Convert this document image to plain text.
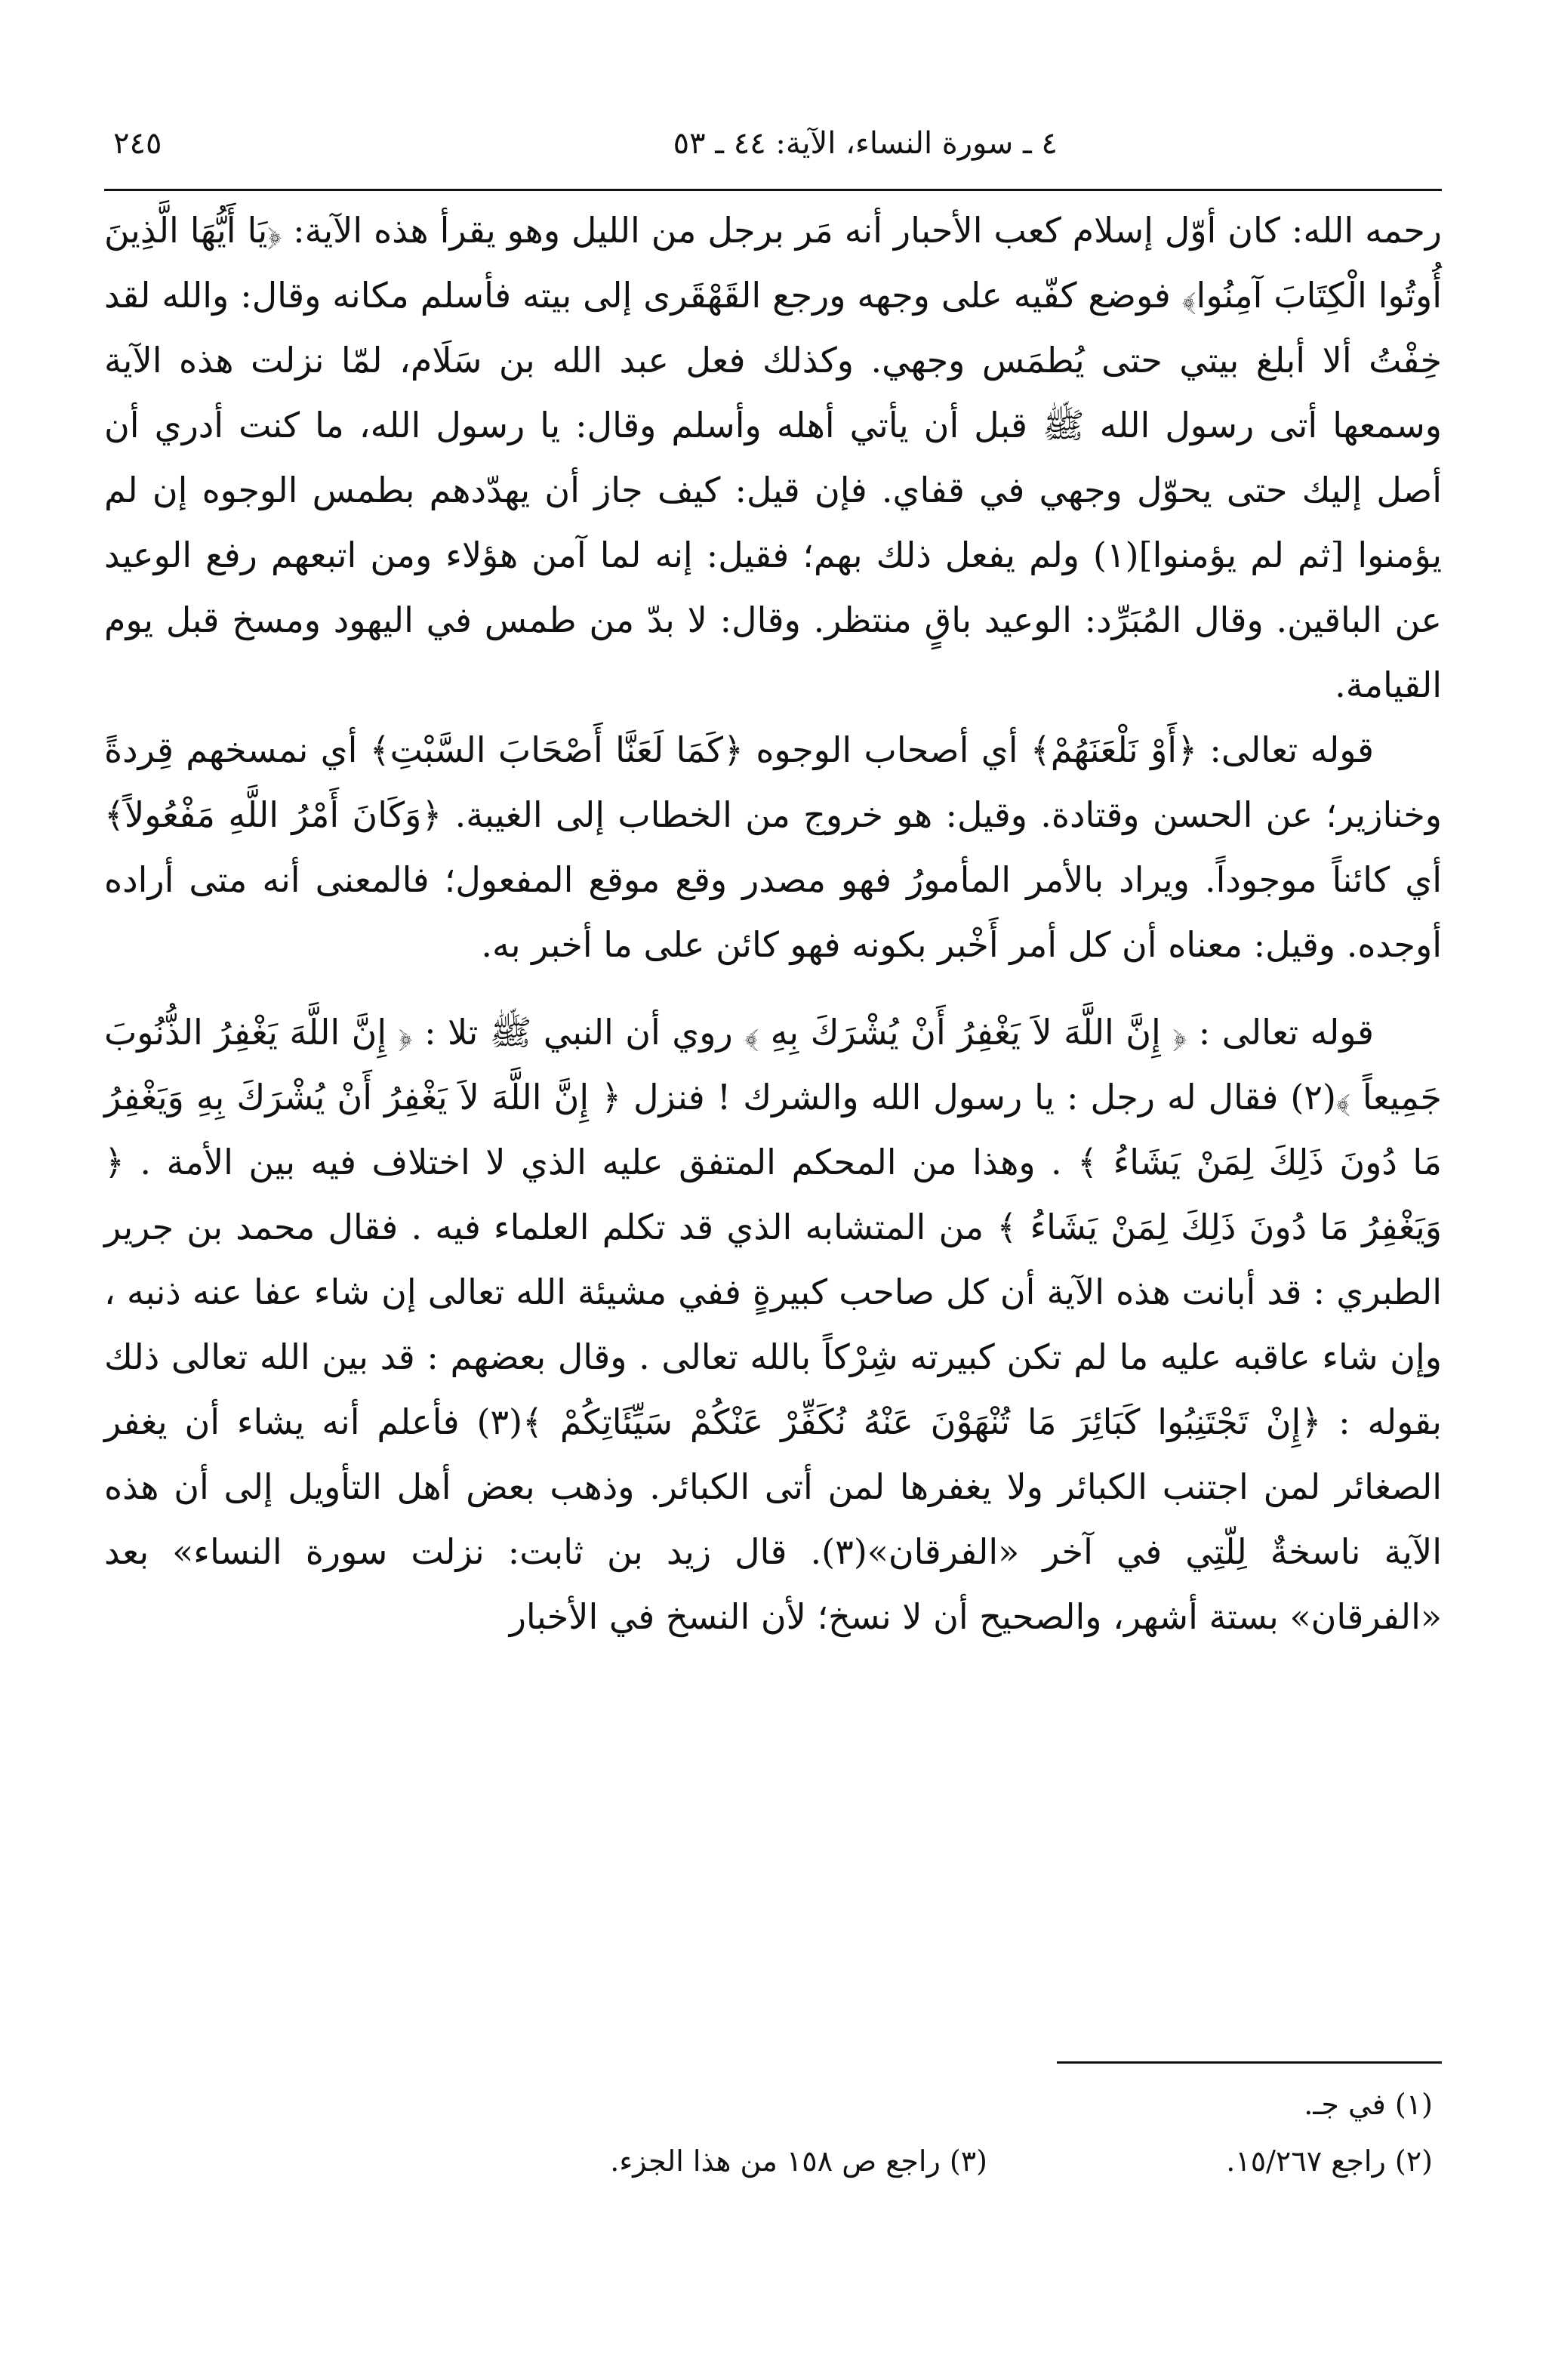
٤ ـ سورة النساء، الآية: ٤٤ ـ ٥٣
٢٤٥

رحمه الله: كان أوّل إسلام كعب الأحبار أنه مَر برجل من الليل وهو يقرأ هذه الآية: ﴿يَا أَيُّهَا الَّذِينَ أُوتُوا الْكِتَابَ آمِنُوا﴾ فوضع كفّيه على وجهه ورجع القَهْقَرى إلى بيته فأسلم مكانه وقال: والله لقد خِفْتُ ألا أبلغ بيتي حتى يُطمَس وجهي. وكذلك فعل عبد الله بن سَلَام، لمّا نزلت هذه الآية وسمعها أتى رسول الله ﷺ قبل أن يأتي أهله وأسلم وقال: يا رسول الله، ما كنت أدري أن أصل إليك حتى يحوّل وجهي في قفاي. فإن قيل: كيف جاز أن يهدّدهم بطمس الوجوه إن لم يؤمنوا [ثم لم يؤمنوا](١) ولم يفعل ذلك بهم؛ فقيل: إنه لما آمن هؤلاء ومن اتبعهم رفع الوعيد عن الباقين. وقال المُبَرِّد: الوعيد باقٍ منتظر. وقال: لا بدّ من طمس في اليهود ومسخ قبل يوم القيامة.

قوله تعالى: ﴿أَوْ نَلْعَنَهُمْ﴾ أي أصحاب الوجوه ﴿كَمَا لَعَنَّا أَصْحَابَ السَّبْتِ﴾ أي نمسخهم قِردةً وخنازير؛ عن الحسن وقتادة. وقيل: هو خروج من الخطاب إلى الغيبة. ﴿وَكَانَ أَمْرُ اللَّهِ مَفْعُولاً﴾ أي كائناً موجوداً. ويراد بالأمر المأمورُ فهو مصدر وقع موقع المفعول؛ فالمعنى أنه متى أراده أوجده. وقيل: معناه أن كل أمر أَخْبر بكونه فهو كائن على ما أخبر به.

قوله تعالى : ﴿ إِنَّ اللَّهَ لاَ يَغْفِرُ أَنْ يُشْرَكَ بِهِ ﴾ روي أن النبي ﷺ تلا : ﴿ إِنَّ اللَّهَ يَغْفِرُ الذُّنُوبَ جَمِيعاً ﴾(٢) فقال له رجل : يا رسول الله والشرك ! فنزل ﴿ إِنَّ اللَّهَ لاَ يَغْفِرُ أَنْ يُشْرَكَ بِهِ وَيَغْفِرُ مَا دُونَ ذَلِكَ لِمَنْ يَشَاءُ ﴾ . وهذا من المحكم المتفق عليه الذي لا اختلاف فيه بين الأمة . ﴿ وَيَغْفِرُ مَا دُونَ ذَلِكَ لِمَنْ يَشَاءُ ﴾ من المتشابه الذي قد تكلم العلماء فيه . فقال محمد بن جرير الطبري : قد أبانت هذه الآية أن كل صاحب كبيرةٍ ففي مشيئة الله تعالى إن شاء عفا عنه ذنبه ، وإن شاء عاقبه عليه ما لم تكن كبيرته شِرْكاً بالله تعالى . وقال بعضهم : قد بين الله تعالى ذلك بقوله : ﴿إِنْ تَجْتَنِبُوا كَبَائِرَ مَا تُنْهَوْنَ عَنْهُ نُكَفِّرْ عَنْكُمْ سَيِّئَاتِكُمْ ﴾(٣) فأعلم أنه يشاء أن يغفر الصغائر لمن اجتنب الكبائر ولا يغفرها لمن أتى الكبائر. وذهب بعض أهل التأويل إلى أن هذه الآية ناسخةٌ لِلّتِي في آخر «الفرقان»(٣). قال زيد بن ثابت: نزلت سورة النساء» بعد «الفرقان» بستة أشهر، والصحيح أن لا نسخ؛ لأن النسخ في الأخبار

(١) في جـ.
(٢) راجع ١٥/٢٦٧.
(٣) راجع ص ١٥٨ من هذا الجزء.
